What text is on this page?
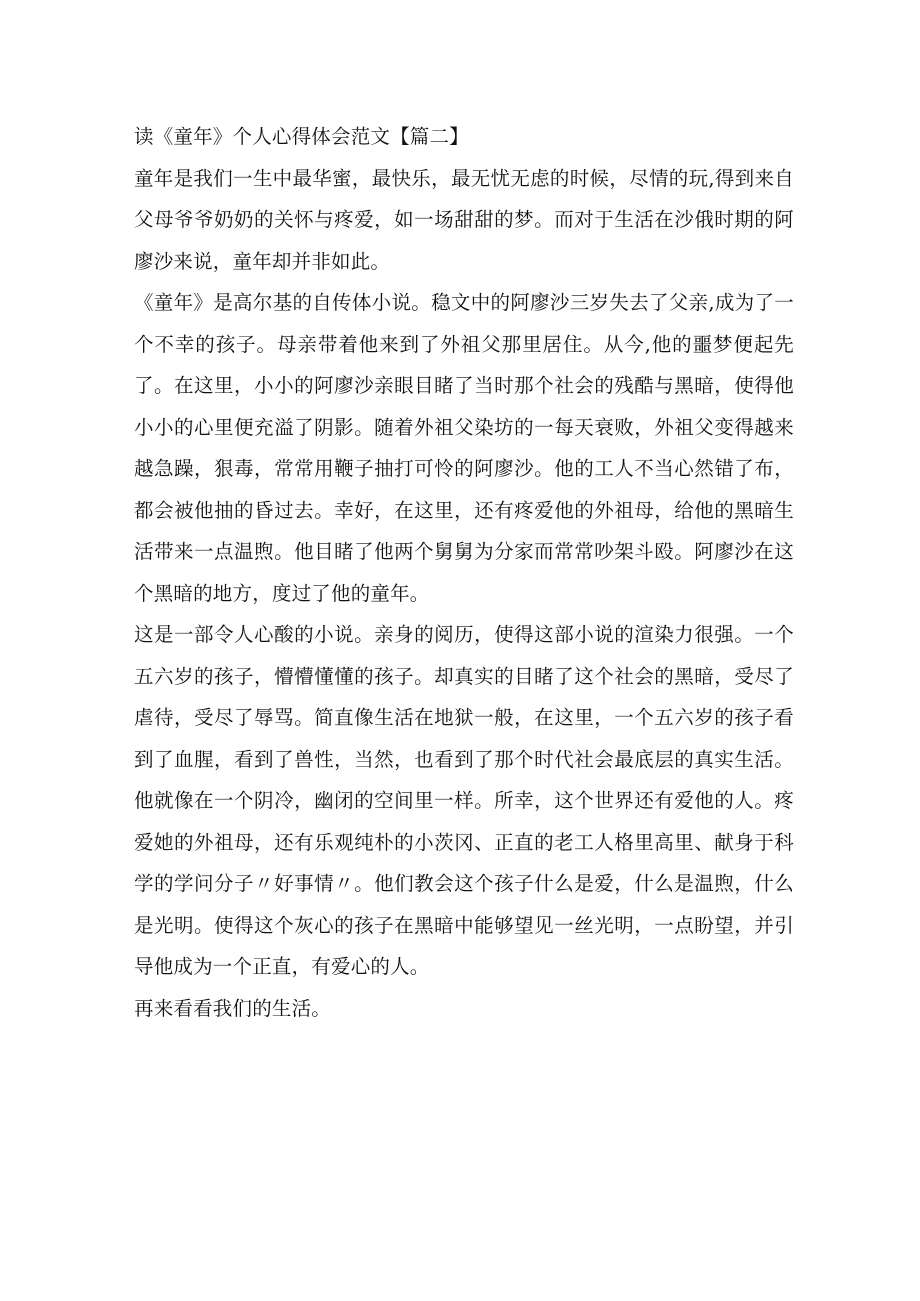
读《童年》个人心得体会范文【篇二】

童年是我们一生中最华蜜，最快乐，最无忧无虑的时候，尽情的玩,得到来自父母爷爷奶奶的关怀与疼爱，如一场甜甜的梦。而对于生活在沙俄时期的阿廖沙来说，童年却并非如此。

《童年》是高尔基的自传体小说。稳文中的阿廖沙三岁失去了父亲,成为了一个不幸的孩子。母亲带着他来到了外祖父那里居住。从今,他的噩梦便起先了。在这里，小小的阿廖沙亲眼目睹了当时那个社会的残酷与黑暗，使得他小小的心里便充溢了阴影。随着外祖父染坊的一每天衰败，外祖父变得越来越急躁，狠毒，常常用鞭子抽打可怜的阿廖沙。他的工人不当心然错了布，都会被他抽的昏过去。幸好，在这里，还有疼爱他的外祖母，给他的黑暗生活带来一点温煦。他目睹了他两个舅舅为分家而常常吵架斗殴。阿廖沙在这个黑暗的地方，度过了他的童年。

这是一部令人心酸的小说。亲身的阅历，使得这部小说的渲染力很强。一个五六岁的孩子，懵懵懂懂的孩子。却真实的目睹了这个社会的黑暗，受尽了虐待，受尽了辱骂。简直像生活在地狱一般，在这里，一个五六岁的孩子看到了血腥，看到了兽性，当然，也看到了那个时代社会最底层的真实生活。他就像在一个阴冷，幽闭的空间里一样。所幸，这个世界还有爱他的人。疼爱她的外祖母，还有乐观纯朴的小茨冈、正直的老工人格里高里、献身于科学的学问分子〃好事情〃。他们教会这个孩子什么是爱，什么是温煦，什么是光明。使得这个灰心的孩子在黑暗中能够望见一丝光明，一点盼望，并引导他成为一个正直，有爱心的人。

再来看看我们的生活。
